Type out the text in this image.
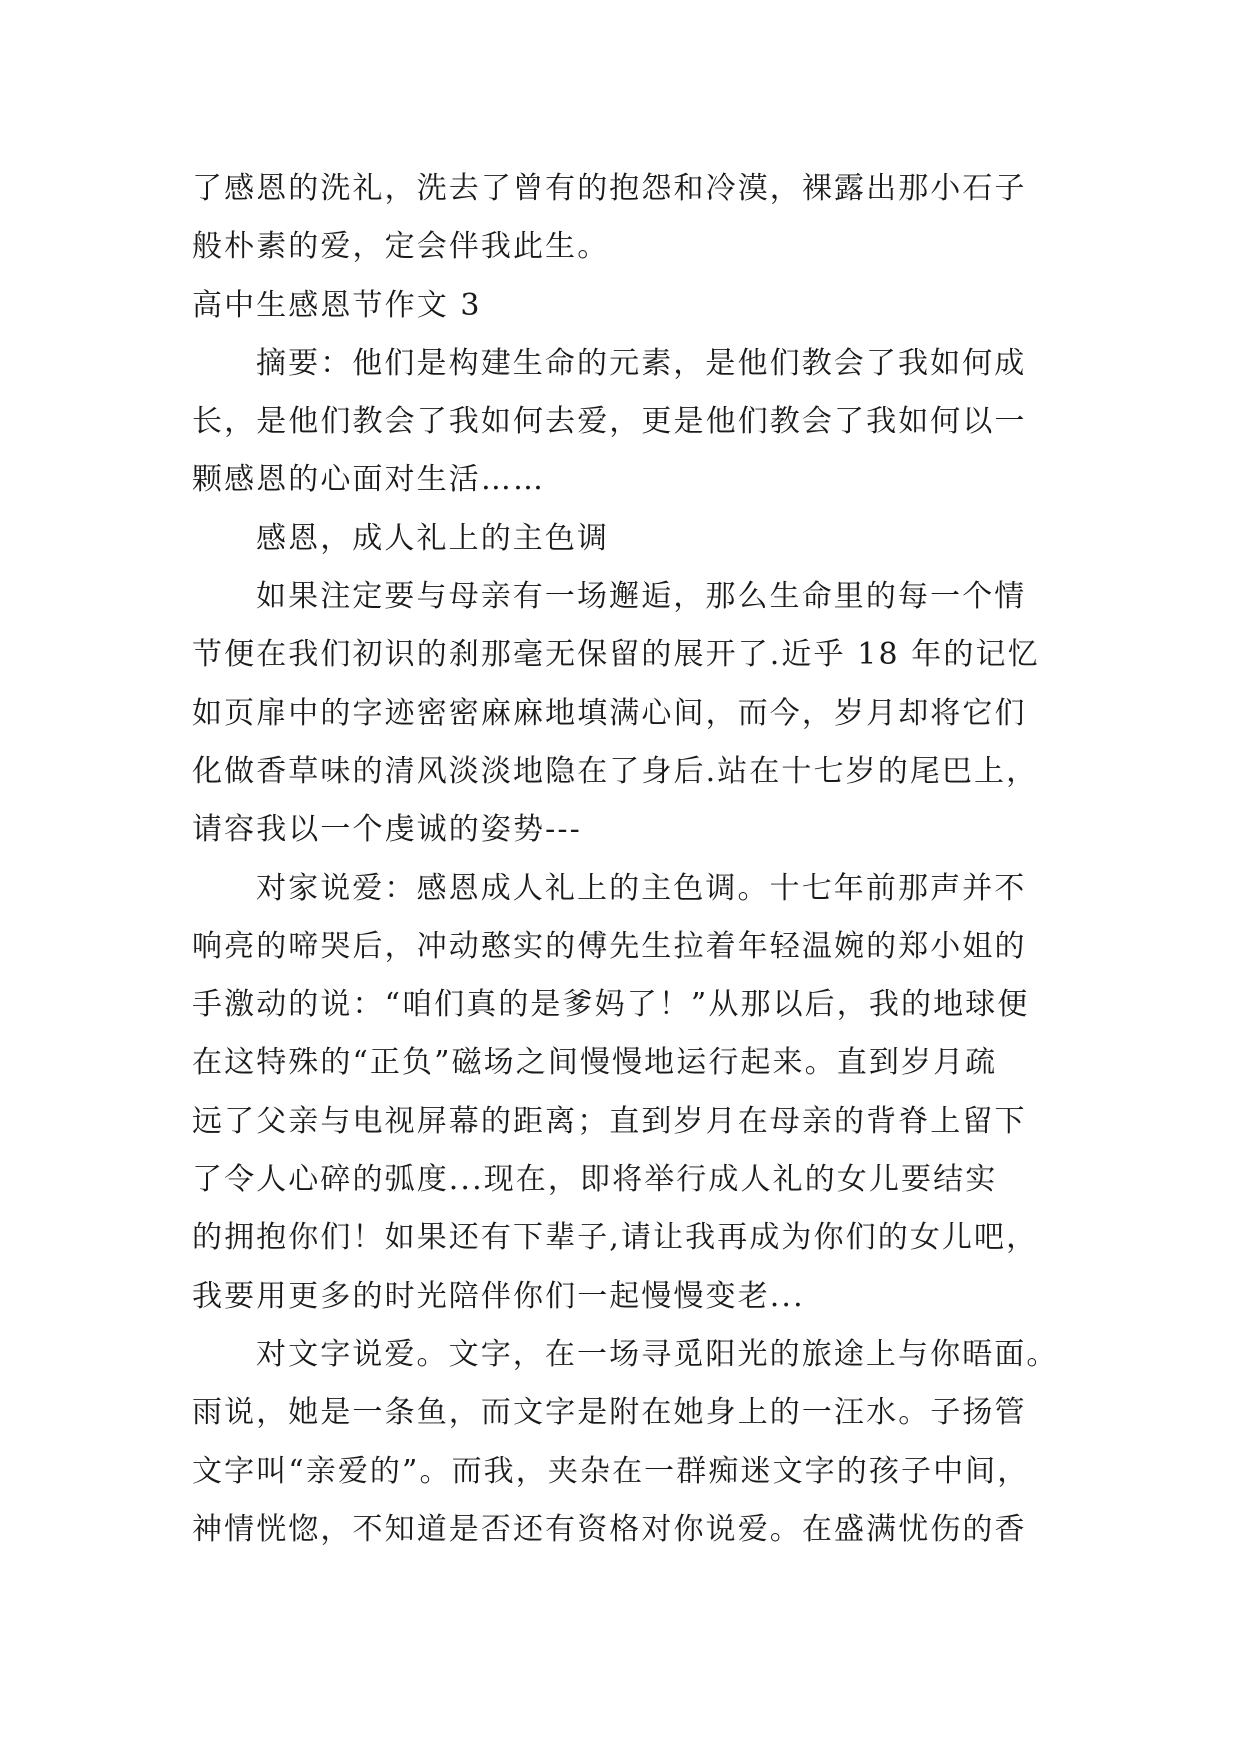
了感恩的洗礼，洗去了曾有的抱怨和冷漠，裸露出那小石子
般朴素的爱，定会伴我此生。
高中生感恩节作文 3
摘要：他们是构建生命的元素，是他们教会了我如何成
长，是他们教会了我如何去爱，更是他们教会了我如何以一
颗感恩的心面对生活……
感恩，成人礼上的主色调
如果注定要与母亲有一场邂逅，那么生命里的每一个情
节便在我们初识的刹那毫无保留的展开了.近乎 18 年的记忆
如页扉中的字迹密密麻麻地填满心间，而今，岁月却将它们
化做香草味的清风淡淡地隐在了身后.站在十七岁的尾巴上，
请容我以一个虔诚的姿势---
对家说爱：感恩成人礼上的主色调。十七年前那声并不
响亮的啼哭后，冲动憨实的傅先生拉着年轻温婉的郑小姐的
手激动的说：“咱们真的是爹妈了！”从那以后，我的地球便
在这特殊的“正负”磁场之间慢慢地运行起来。直到岁月疏
远了父亲与电视屏幕的距离；直到岁月在母亲的背脊上留下
了令人心碎的弧度...现在，即将举行成人礼的女儿要结实
的拥抱你们！如果还有下辈子,请让我再成为你们的女儿吧，
我要用更多的时光陪伴你们一起慢慢变老...
对文字说爱。文字，在一场寻觅阳光的旅途上与你晤面。
雨说，她是一条鱼，而文字是附在她身上的一汪水。子扬管
文字叫“亲爱的”。而我，夹杂在一群痴迷文字的孩子中间，
神情恍惚，不知道是否还有资格对你说爱。在盛满忧伤的香
